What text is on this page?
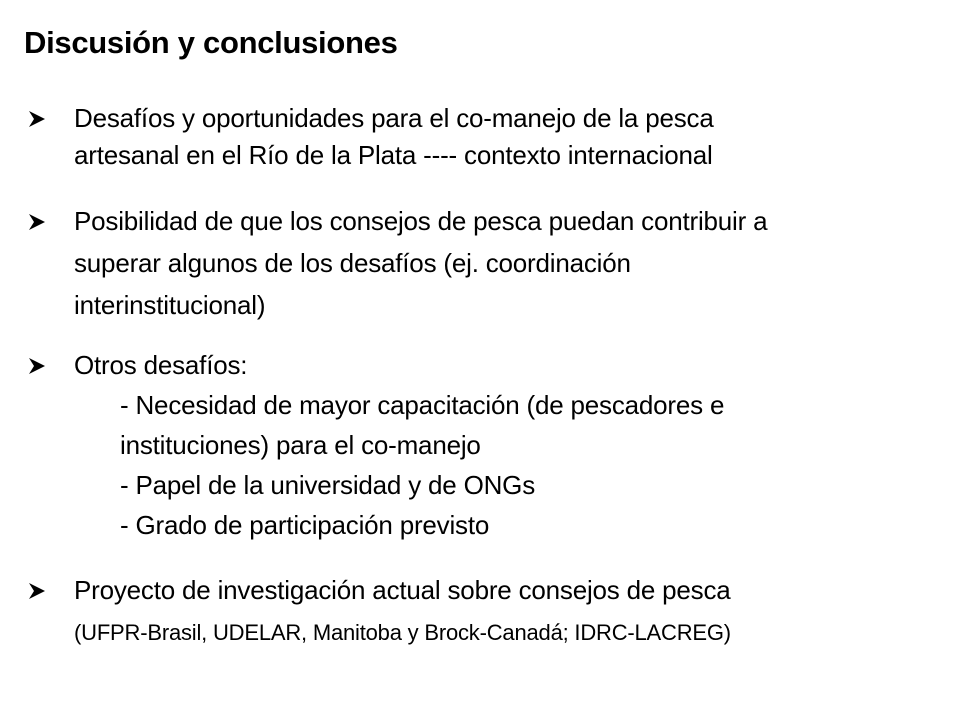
Discusión y conclusiones
Desafíos y oportunidades para el co-manejo de la pesca
artesanal en el Río de la Plata ---- contexto internacional
Posibilidad de que los consejos de pesca puedan contribuir a
superar algunos de los desafíos (ej. coordinación
interinstitucional)
Otros desafíos:
- Necesidad de mayor capacitación (de pescadores e
instituciones) para el co-manejo
- Papel de la universidad y de ONGs
- Grado de participación previsto
Proyecto de investigación actual sobre consejos de pesca
(UFPR-Brasil, UDELAR, Manitoba y Brock-Canadá; IDRC-LACREG)
